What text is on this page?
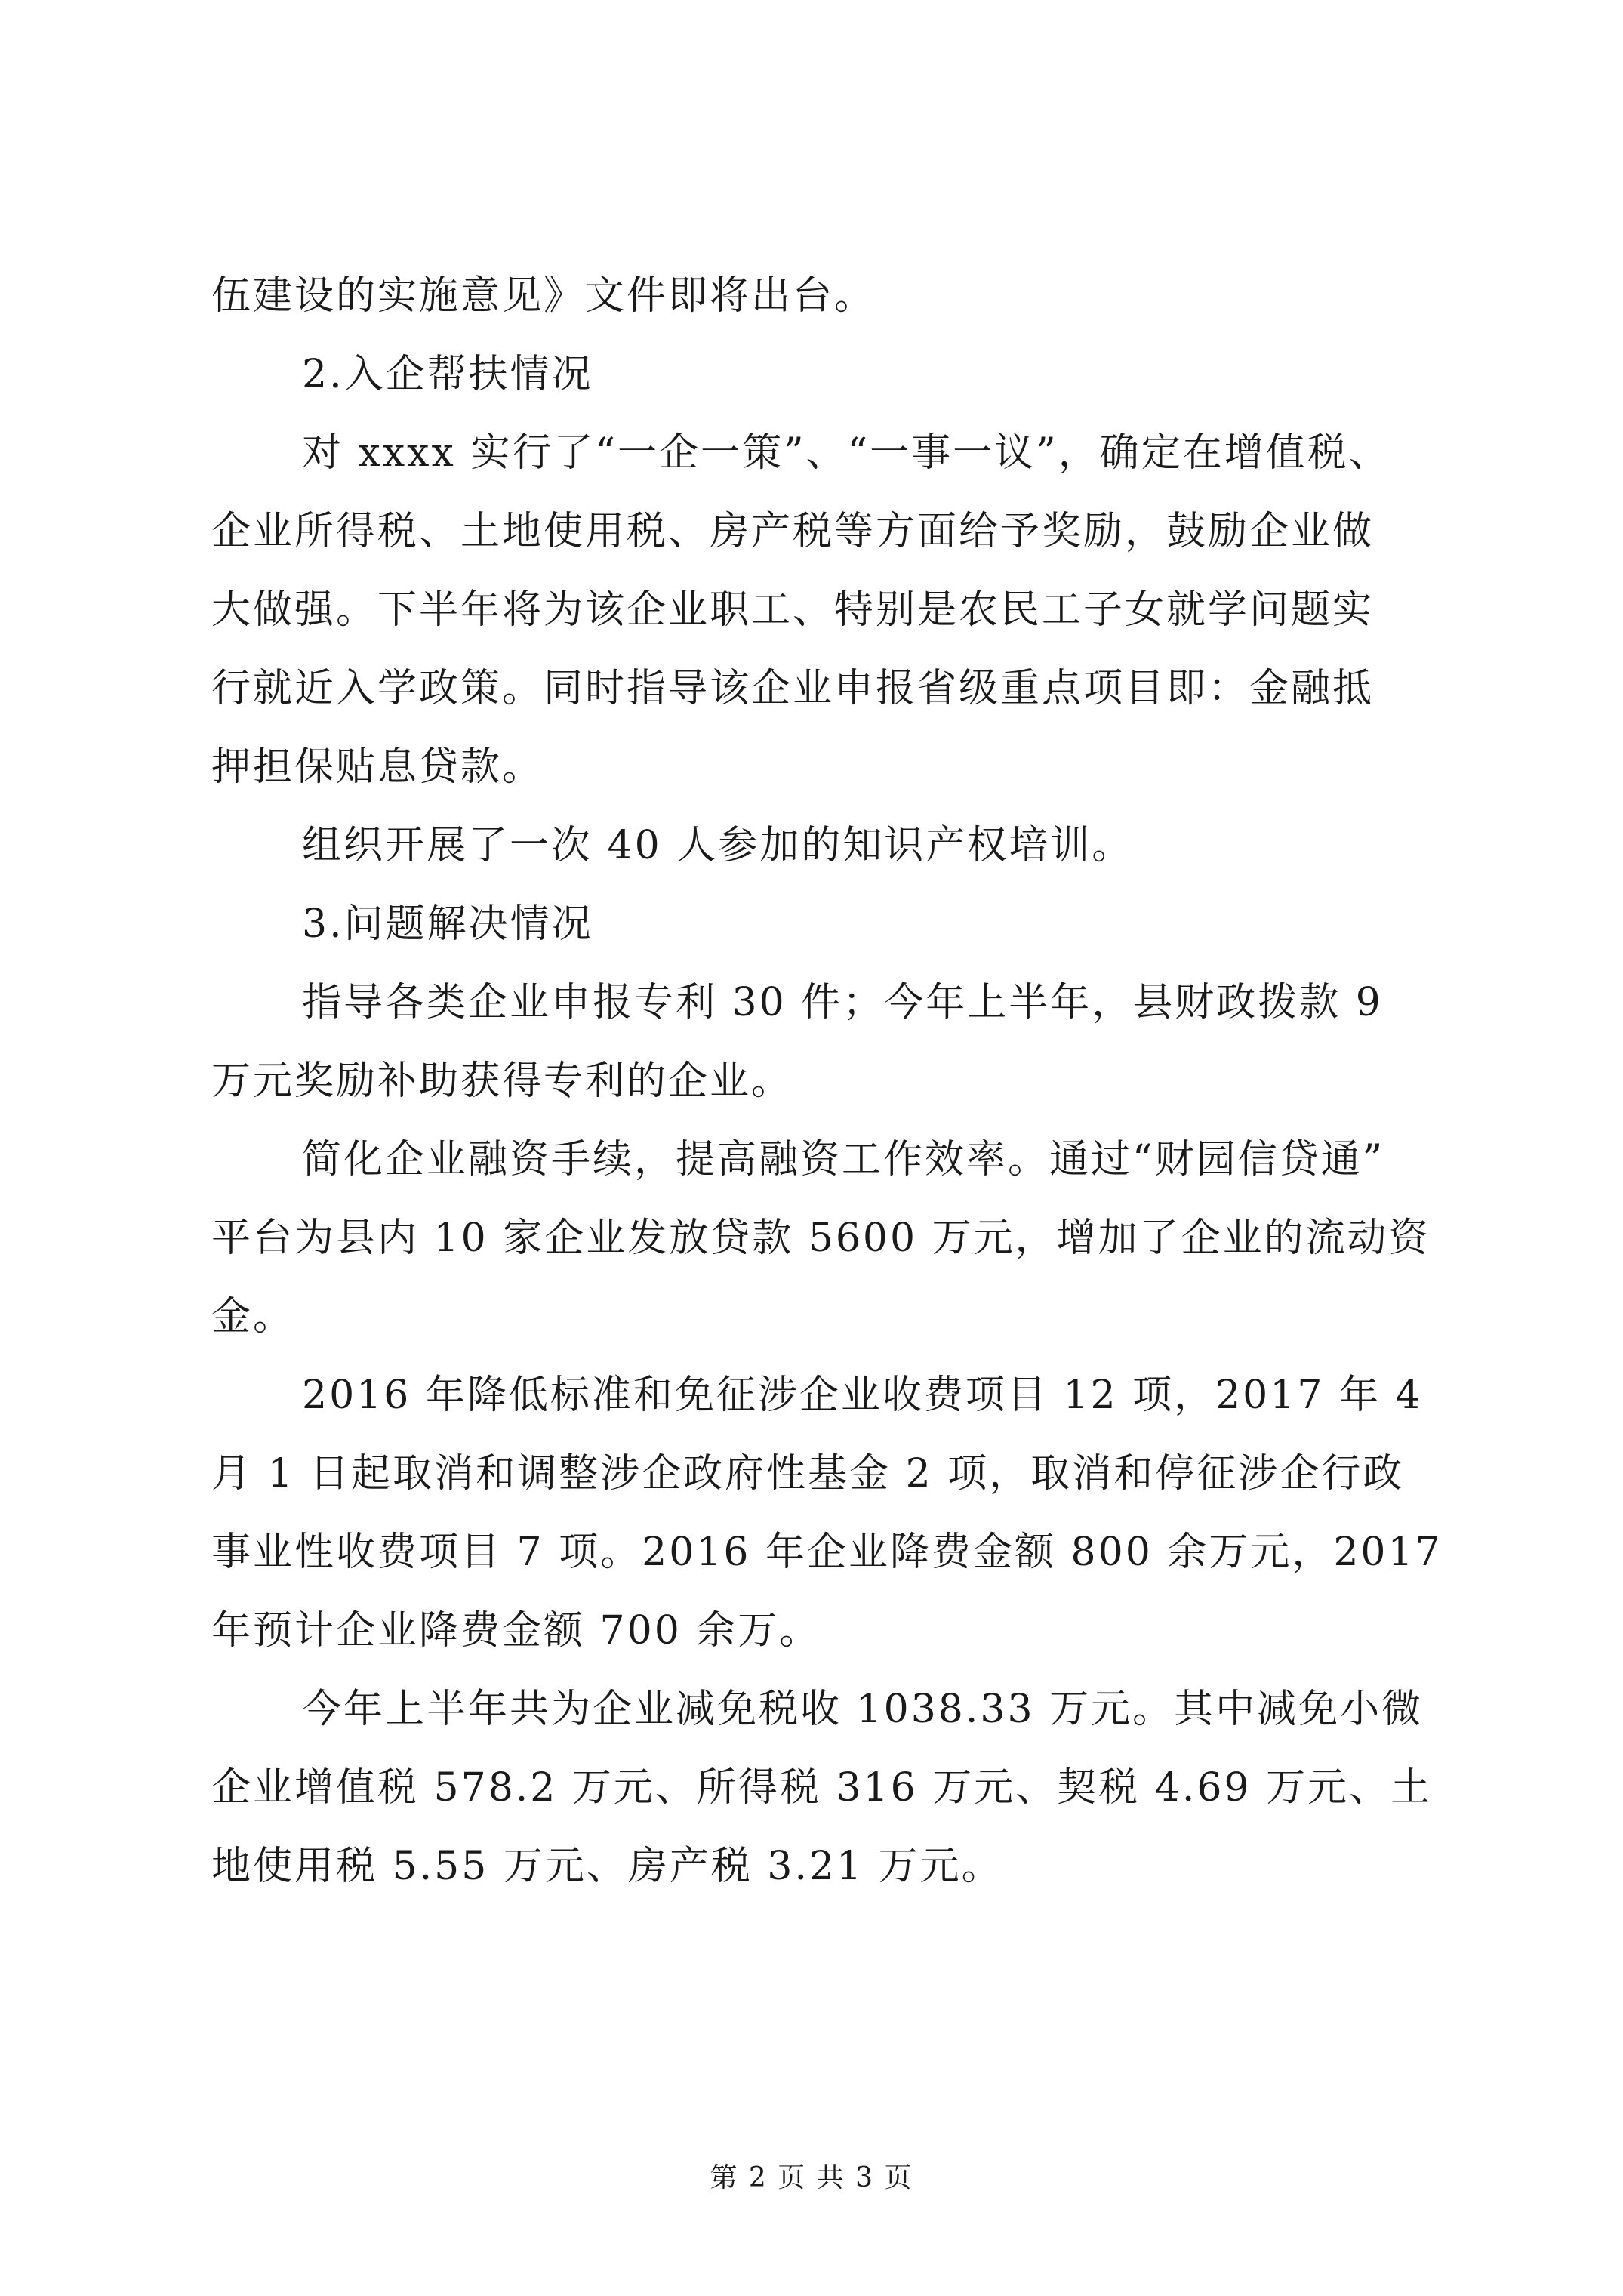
伍建设的实施意见》文件即将出台。
2.入企帮扶情况
对 xxxx 实行了“一企一策”、“一事一议”，确定在增值税、
企业所得税、土地使用税、房产税等方面给予奖励，鼓励企业做
大做强。下半年将为该企业职工、特别是农民工子女就学问题实
行就近入学政策。同时指导该企业申报省级重点项目即：金融抵
押担保贴息贷款。
组织开展了一次 40 人参加的知识产权培训。
3.问题解决情况
指导各类企业申报专利 30 件；今年上半年，县财政拨款 9
万元奖励补助获得专利的企业。
简化企业融资手续，提高融资工作效率。通过“财园信贷通”
平台为县内 10 家企业发放贷款 5600 万元，增加了企业的流动资
金。
2016 年降低标准和免征涉企业收费项目 12 项，2017 年 4
月 1 日起取消和调整涉企政府性基金 2 项，取消和停征涉企行政
事业性收费项目 7 项。2016 年企业降费金额 800 余万元，2017
年预计企业降费金额 700 余万。
今年上半年共为企业减免税收 1038.33 万元。其中减免小微
企业增值税 578.2 万元、所得税 316 万元、契税 4.69 万元、土
地使用税 5.55 万元、房产税 3.21 万元。
第 2 页 共 3 页
